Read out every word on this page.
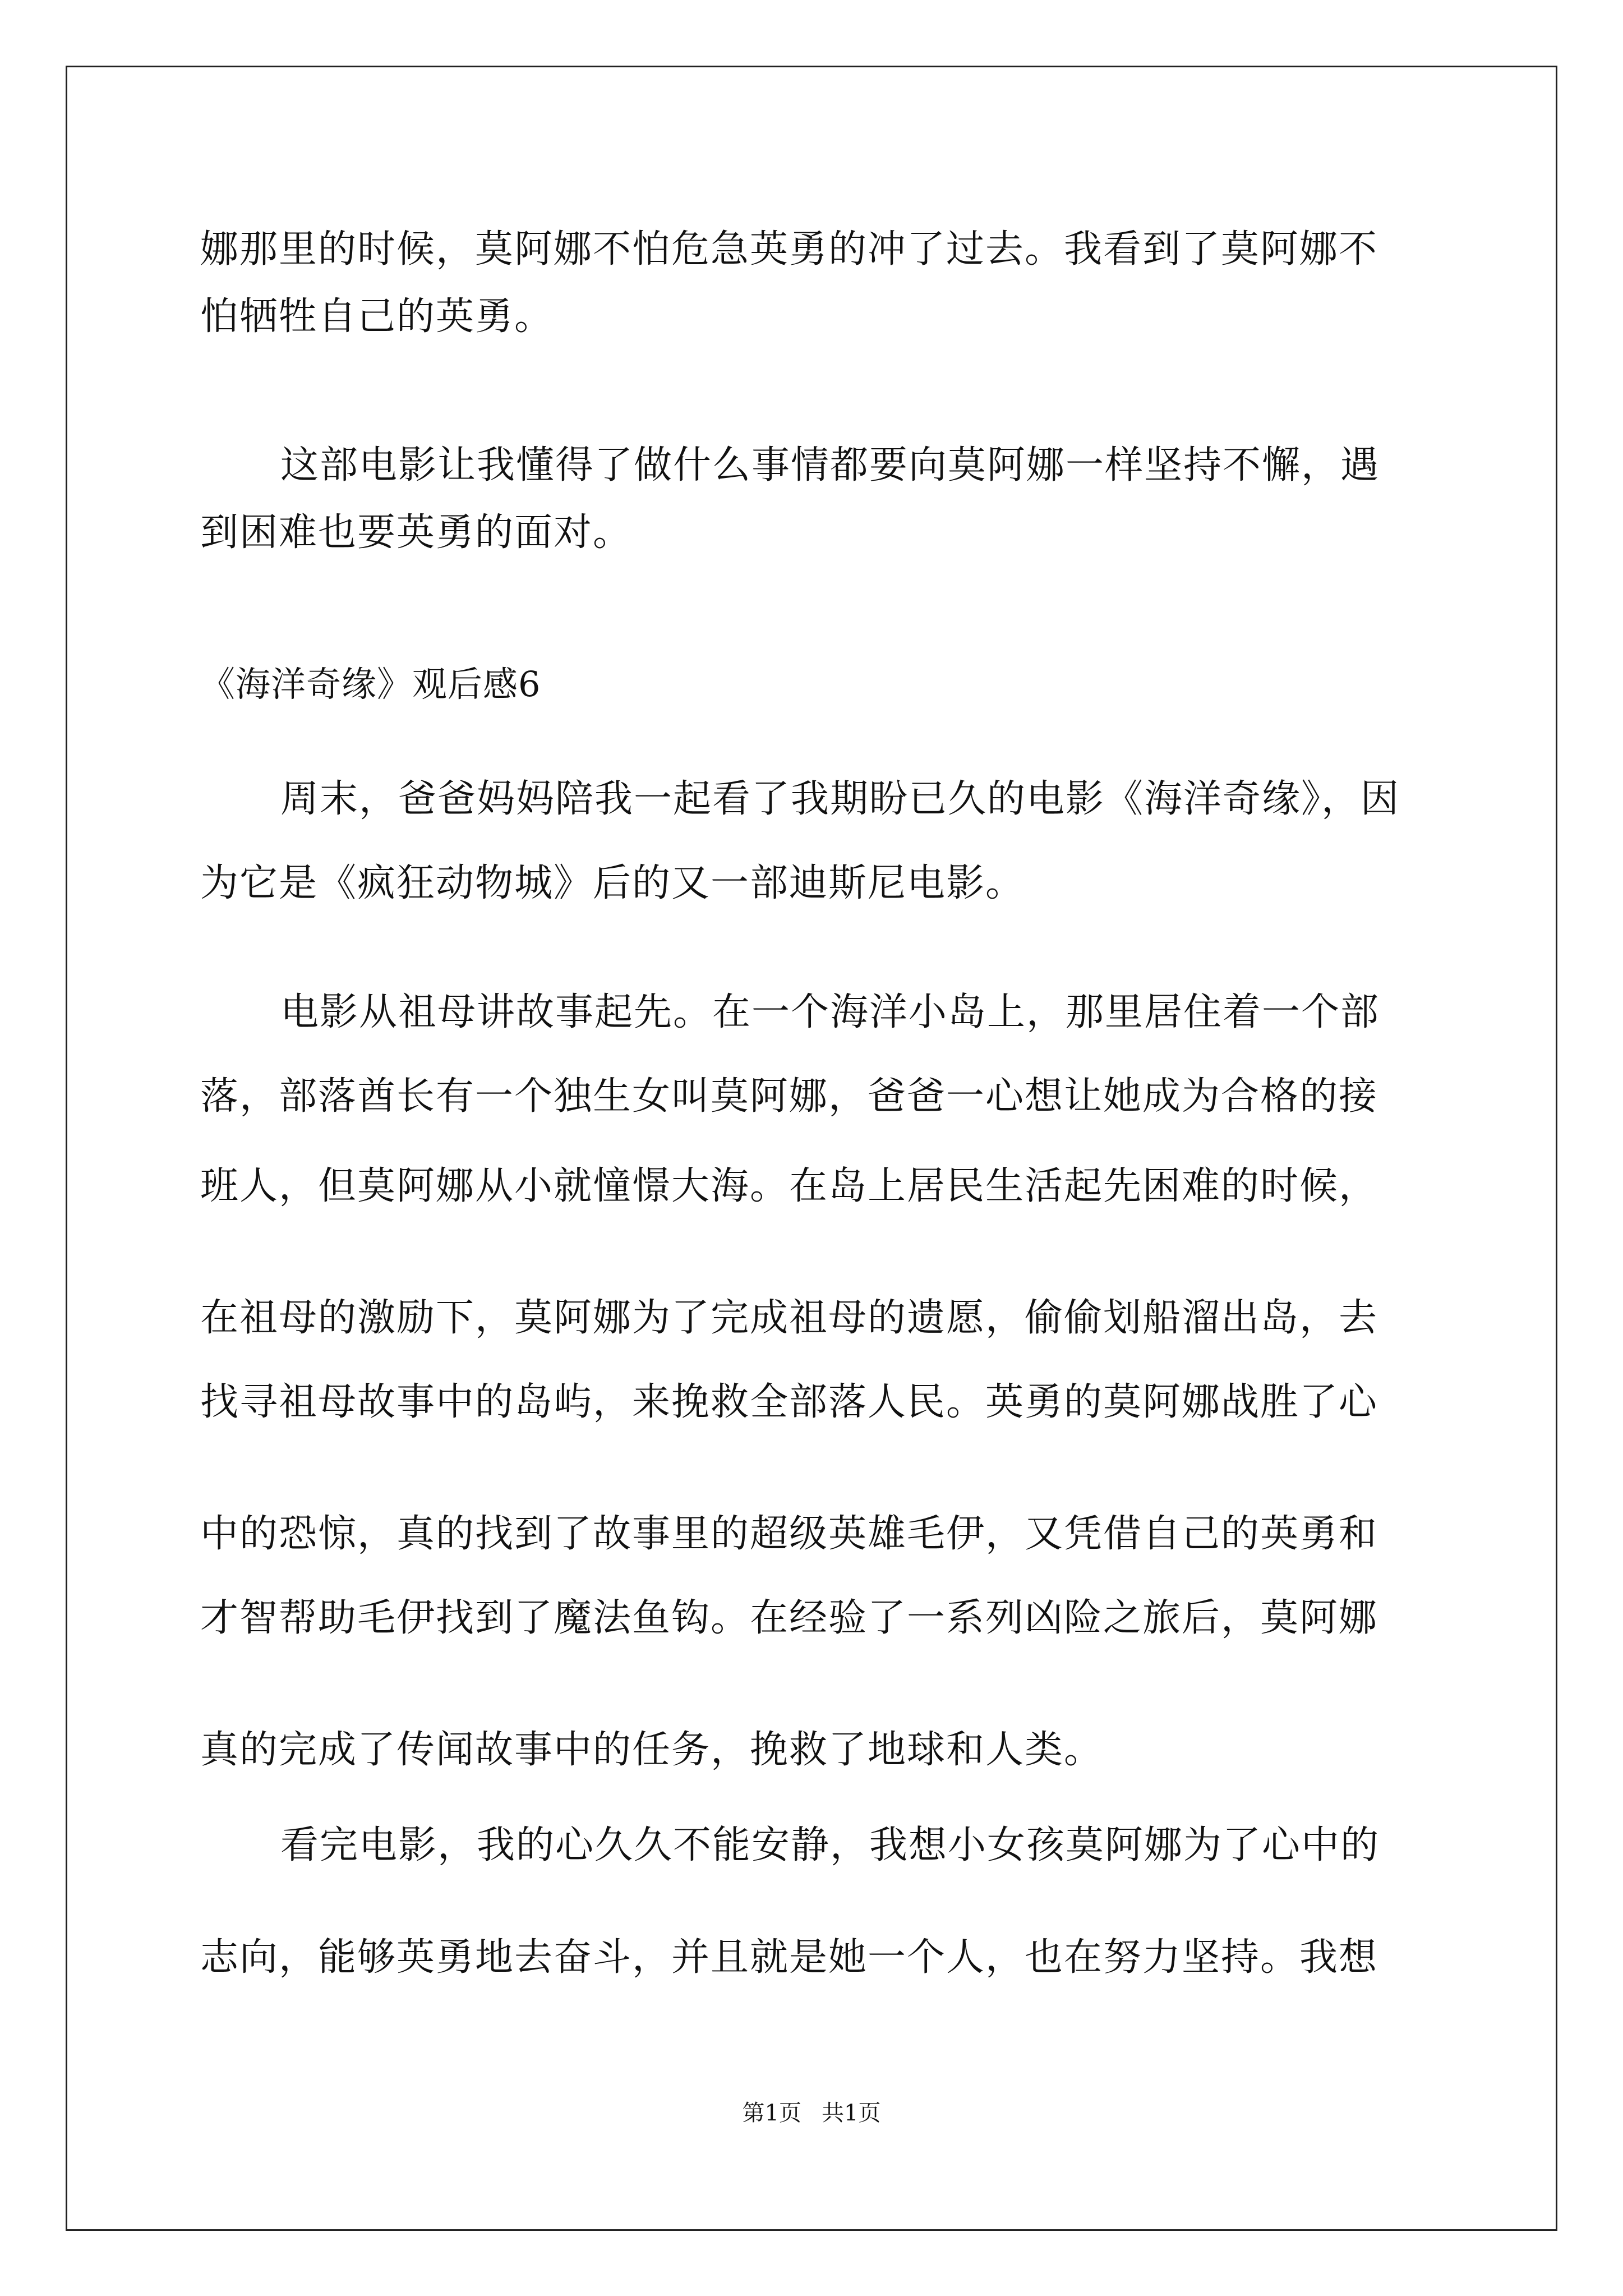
娜那里的时候，莫阿娜不怕危急英勇的冲了过去。我看到了莫阿娜不
怕牺牲自己的英勇。
这部电影让我懂得了做什么事情都要向莫阿娜一样坚持不懈，遇
到困难也要英勇的面对。
《海洋奇缘》观后感6
周末，爸爸妈妈陪我一起看了我期盼已久的电影《海洋奇缘》，因
为它是《疯狂动物城》后的又一部迪斯尼电影。
电影从祖母讲故事起先。在一个海洋小岛上，那里居住着一个部
落，部落酋长有一个独生女叫莫阿娜，爸爸一心想让她成为合格的接
班人，但莫阿娜从小就憧憬大海。在岛上居民生活起先困难的时候，
在祖母的激励下，莫阿娜为了完成祖母的遗愿，偷偷划船溜出岛，去
找寻祖母故事中的岛屿，来挽救全部落人民。英勇的莫阿娜战胜了心
中的恐惊，真的找到了故事里的超级英雄毛伊，又凭借自己的英勇和
才智帮助毛伊找到了魔法鱼钩。在经验了一系列凶险之旅后，莫阿娜
真的完成了传闻故事中的任务，挽救了地球和人类。
看完电影，我的心久久不能安静，我想小女孩莫阿娜为了心中的
志向，能够英勇地去奋斗，并且就是她一个人，也在努力坚持。我想
第1页 共1页
